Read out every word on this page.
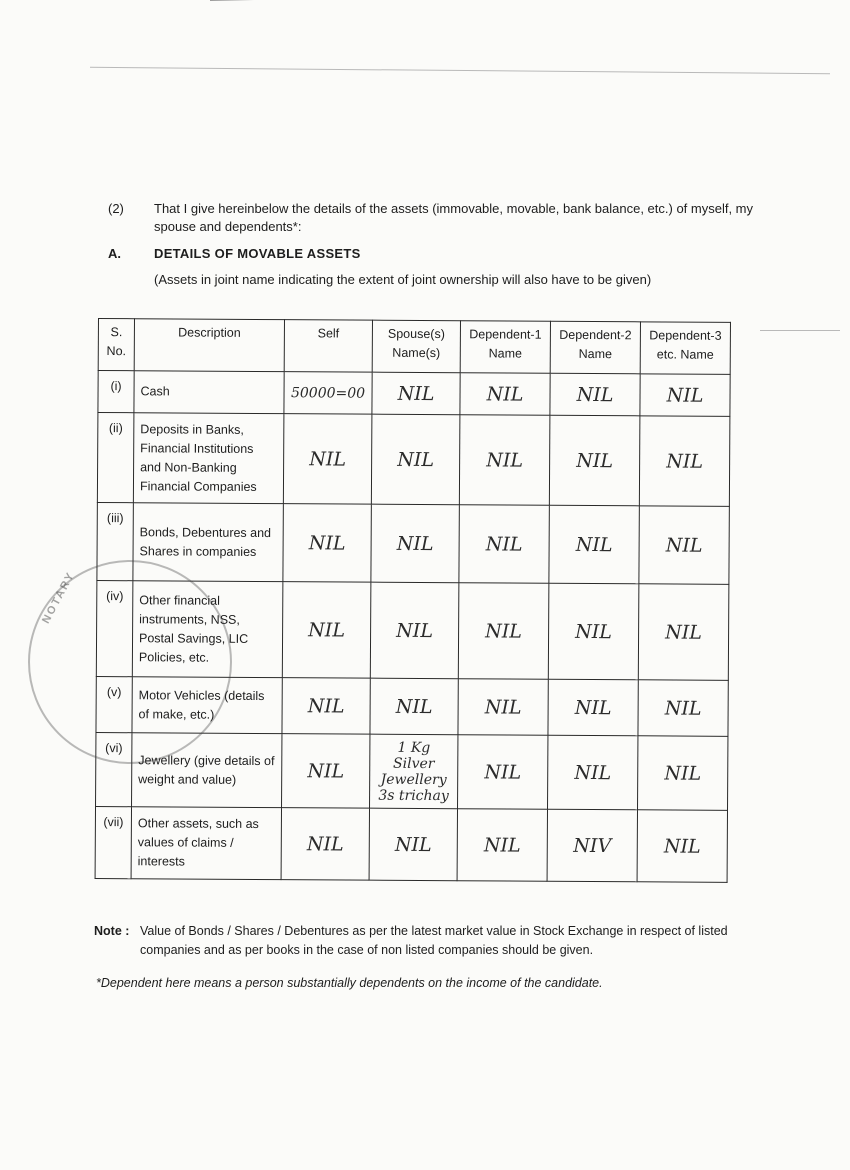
(2) That I give hereinbelow the details of the assets (immovable, movable, bank balance, etc.) of myself, my spouse and dependents*:
A.	DETAILS OF MOVABLE ASSETS
(Assets in joint name indicating the extent of joint ownership will also have to be given)
S. No.	Description	Self	Spouse(s) Name(s)	Dependent-1 Name	Dependent-2 Name	Dependent-3 etc. Name
(i)	Cash	50000=00	NIL	NIL	NIL	NIL
(ii)	Deposits in Banks, Financial Institutions and Non-Banking Financial Companies	NIL	NIL	NIL	NIL	NIL
(iii)	Bonds, Debentures and Shares in companies	NIL	NIL	NIL	NIL	NIL
(iv)	Other financial instruments, NSS, Postal Savings, LIC Policies, etc.	NIL	NIL	NIL	NIL	NIL
(v)	Motor Vehicles (details of make, etc.)	NIL	NIL	NIL	NIL	NIL
(vi)	Jewellery (give details of weight and value)	NIL	1 Kg Silver Jewellery 3s trichay	NIL	NIL	NIL
(vii)	Other assets, such as values of claims / interests	NIL	NIL	NIL	NIV	NIL
NOTARY
Note : Value of Bonds / Shares / Debentures as per the latest market value in Stock Exchange in respect of listed companies and as per books in the case of non listed companies should be given.
*Dependent here means a person substantially dependents on the income of the candidate.
